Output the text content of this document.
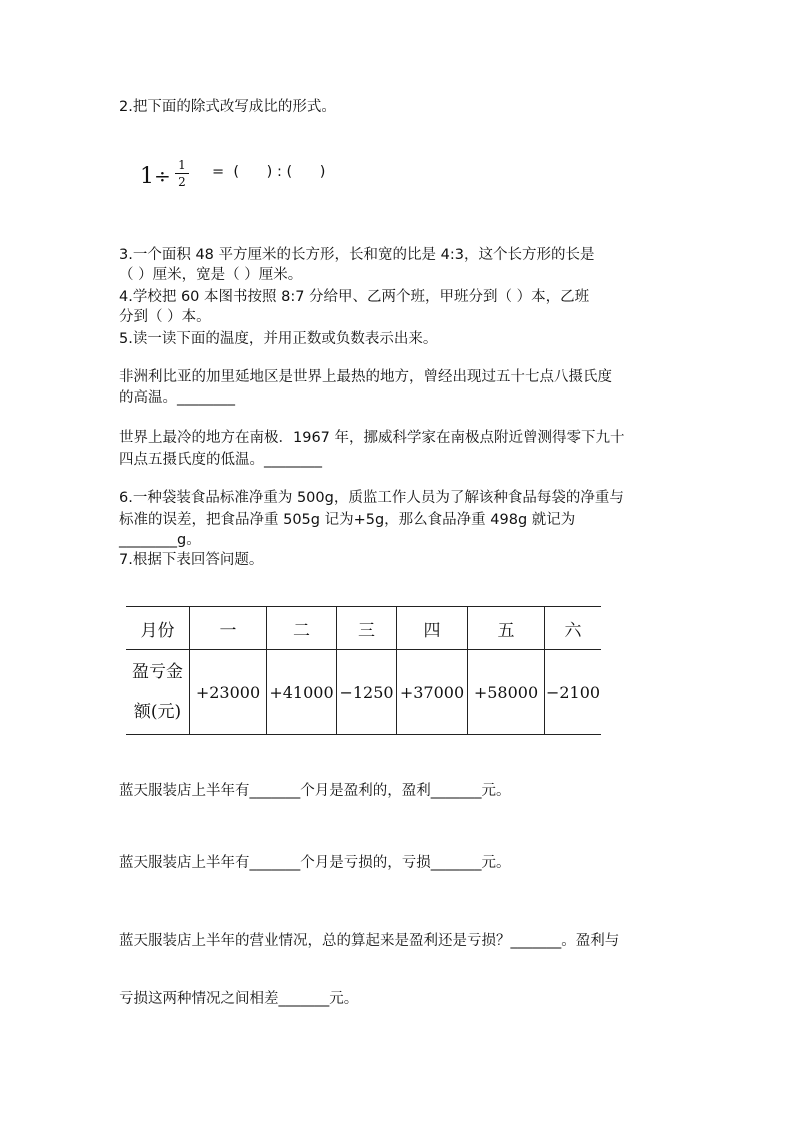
2.把下面的除式改写成比的形式。
1 ÷ 1
2
=  (      ) : (      )
3.一个面积 48 平方厘米的长方形，长和宽的比是 4:3，这个长方形的长是
（ ）厘米，宽是（ ）厘米。
4.学校把 60 本图书按照 8:7 分给甲、乙两个班，甲班分到（ ）本，乙班
分到（ ）本。
5.读一读下面的温度，并用正数或负数表示出来。
非洲利比亚的加里延地区是世界上最热的地方，曾经出现过五十七点八摄氏度
的高温。________
世界上最冷的地方在南极．1967 年，挪威科学家在南极点附近曾测得零下九十
四点五摄氏度的低温。________
6.一种袋装食品标准净重为 500g，质监工作人员为了解该种食品每袋的净重与
标准的误差，把食品净重 505g 记为+5g，那么食品净重 498g 就记为
________g。
7.根据下表回答问题。
月份	一	二	三	四	五	六

盈亏金
额(元)	+23000	+41000	−1250	+37000	+58000	−2100
蓝天服装店上半年有_______个月是盈利的，盈利_______元。
蓝天服装店上半年有_______个月是亏损的，亏损_______元。
蓝天服装店上半年的营业情况，总的算起来是盈利还是亏损？_______。盈利与
亏损这两种情况之间相差_______元。
